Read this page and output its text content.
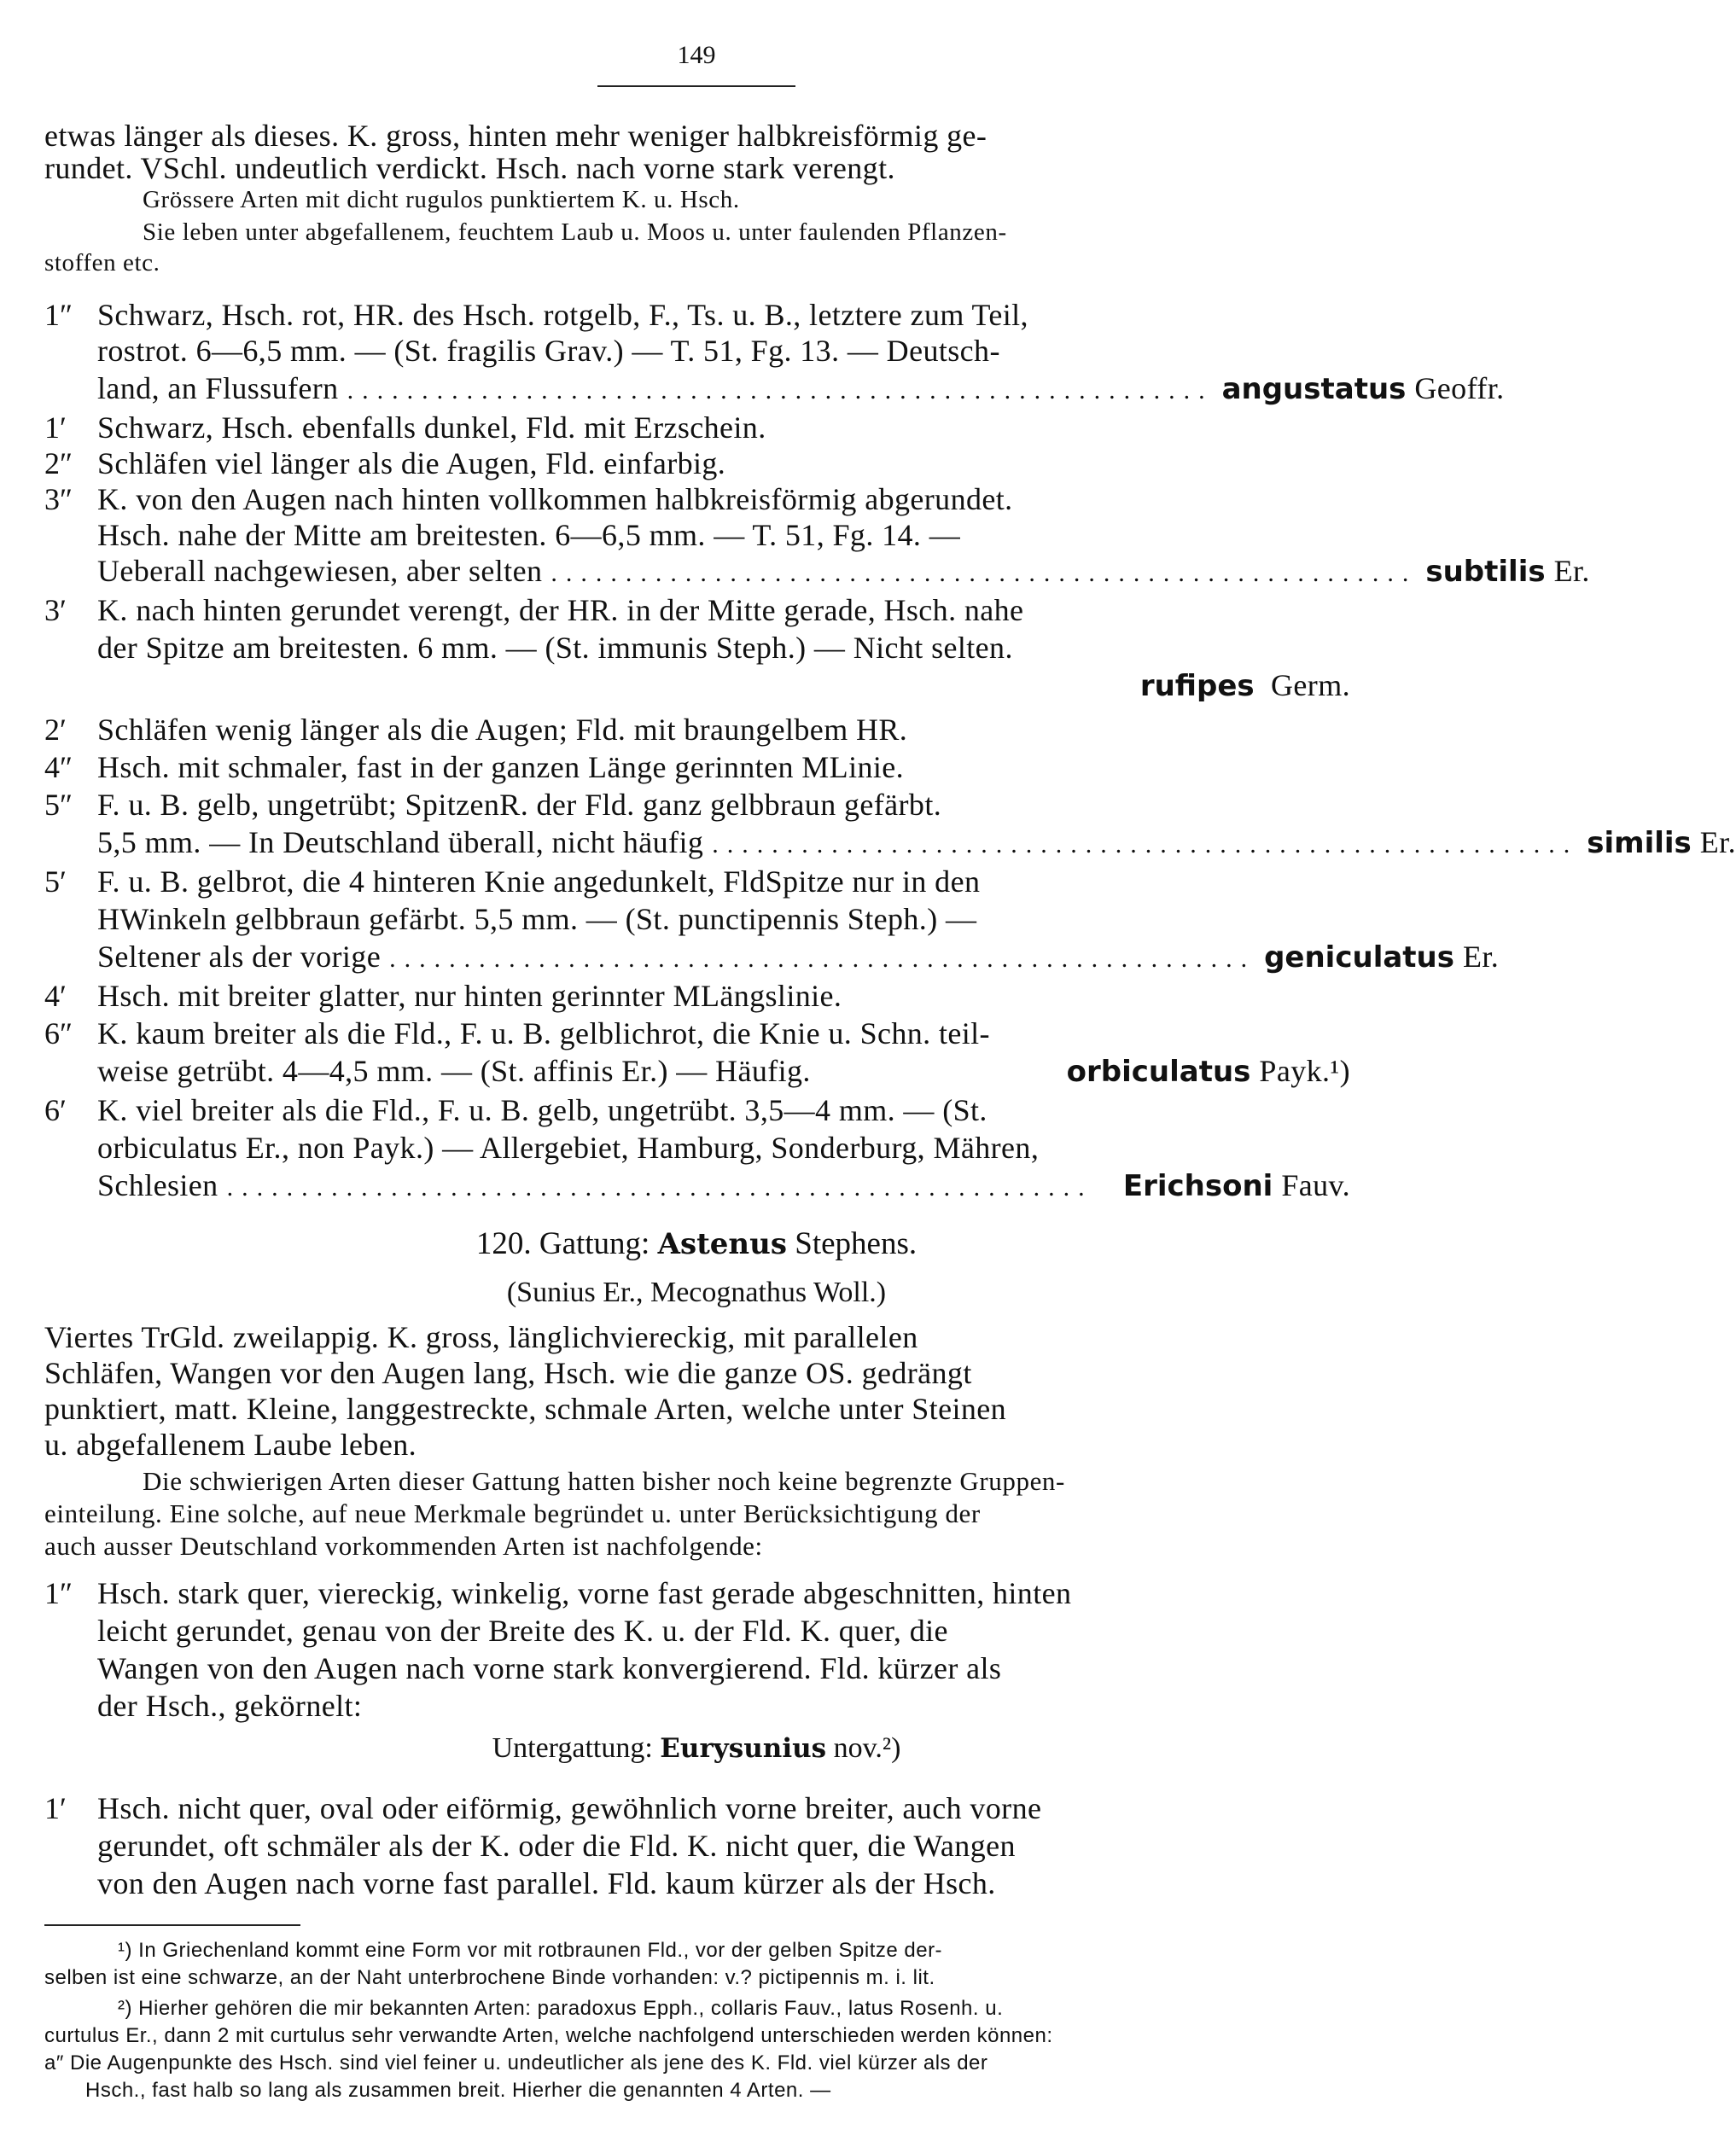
149
etwas länger als dieses. K. gross, hinten mehr weniger halbkreisförmig ge-
rundet. VSchl. undeutlich verdickt. Hsch. nach vorne stark verengt.
Grössere Arten mit dicht rugulos punktiertem K. u. Hsch.
Sie leben unter abgefallenem, feuchtem Laub u. Moos u. unter faulenden Pflanzen-
stoffen etc.
1″ Schwarz, Hsch. rot, HR. des Hsch. rotgelb, F., Ts. u. B., letztere zum Teil,
rostrot. 6—6,5 mm. — (St. fragilis Grav.) — T. 51, Fg. 13. — Deutsch-
land, an Flussufern .......................................................... angustatus Geoffr.
1′	Schwarz, Hsch. ebenfalls dunkel, Fld. mit Erzschein.
2″ Schläfen viel länger als die Augen, Fld. einfarbig.
3″ K. von den Augen nach hinten vollkommen halbkreisförmig abgerundet.
Hsch. nahe der Mitte am breitesten. 6—6,5 mm. — T. 51, Fg. 14. —
Ueberall nachgewiesen, aber selten .......................................................... subtilis Er.
3′	K. nach hinten gerundet verengt, der HR. in der Mitte gerade, Hsch. nahe
der Spitze am breitesten. 6 mm. — (St. immunis Steph.) — Nicht selten.
rufipes Germ.
2′	Schläfen wenig länger als die Augen; Fld. mit braungelbem HR.
4″ Hsch. mit schmaler, fast in der ganzen Länge gerinnten MLinie.
5″ F. u. B. gelb, ungetrübt; SpitzenR. der Fld. ganz gelbbraun gefärbt.
5,5 mm. — In Deutschland überall, nicht häufig .......................................................... similis Er.
5′	F. u. B. gelbrot, die 4 hinteren Knie angedunkelt, FldSpitze nur in den
HWinkeln gelbbraun gefärbt. 5,5 mm. — (St. punctipennis Steph.) —
Seltener als der vorige .......................................................... geniculatus Er.
4′	Hsch. mit breiter glatter, nur hinten gerinnter MLängslinie.
6″ K. kaum breiter als die Fld., F. u. B. gelblichrot, die Knie u. Schn. teil-
weise getrübt. 4—4,5 mm. — (St. affinis Er.) — Häufig.	orbiculatus Payk.¹)
6′	K. viel breiter als die Fld., F. u. B. gelb, ungetrübt. 3,5—4 mm. — (St.
orbiculatus Er., non Payk.) — Allergebiet, Hamburg, Sonderburg, Mähren,
Schlesien ..........................................................	Erichsoni Fauv.
120. Gattung: Astenus Stephens.
(Sunius Er., Mecognathus Woll.)
Viertes TrGld. zweilappig. K. gross, länglichviereckig, mit parallelen
Schläfen, Wangen vor den Augen lang, Hsch. wie die ganze OS. gedrängt
punktiert, matt. Kleine, langgestreckte, schmale Arten, welche unter Steinen
u. abgefallenem Laube leben.
Die schwierigen Arten dieser Gattung hatten bisher noch keine begrenzte Gruppen-
einteilung. Eine solche, auf neue Merkmale begründet u. unter Berücksichtigung der
auch ausser Deutschland vorkommenden Arten ist nachfolgende:
1″ Hsch. stark quer, viereckig, winkelig, vorne fast gerade abgeschnitten, hinten
leicht gerundet, genau von der Breite des K. u. der Fld. K. quer, die
Wangen von den Augen nach vorne stark konvergierend. Fld. kürzer als
der Hsch., gekörnelt:
Untergattung: Eurysunius nov.²)
1′	Hsch. nicht quer, oval oder eiförmig, gewöhnlich vorne breiter, auch vorne
gerundet, oft schmäler als der K. oder die Fld. K. nicht quer, die Wangen
von den Augen nach vorne fast parallel. Fld. kaum kürzer als der Hsch.
¹) In Griechenland kommt eine Form vor mit rotbraunen Fld., vor der gelben Spitze der-
selben ist eine schwarze, an der Naht unterbrochene Binde vorhanden: v.? pictipennis m. i. lit.
²) Hierher gehören die mir bekannten Arten: paradoxus Epph., collaris Fauv., latus Rosenh. u.
curtulus Er., dann 2 mit curtulus sehr verwandte Arten, welche nachfolgend unterschieden werden können:
a″ Die Augenpunkte des Hsch. sind viel feiner u. undeutlicher als jene des K. Fld. viel kürzer als der
Hsch., fast halb so lang als zusammen breit. Hierher die genannten 4 Arten. —
